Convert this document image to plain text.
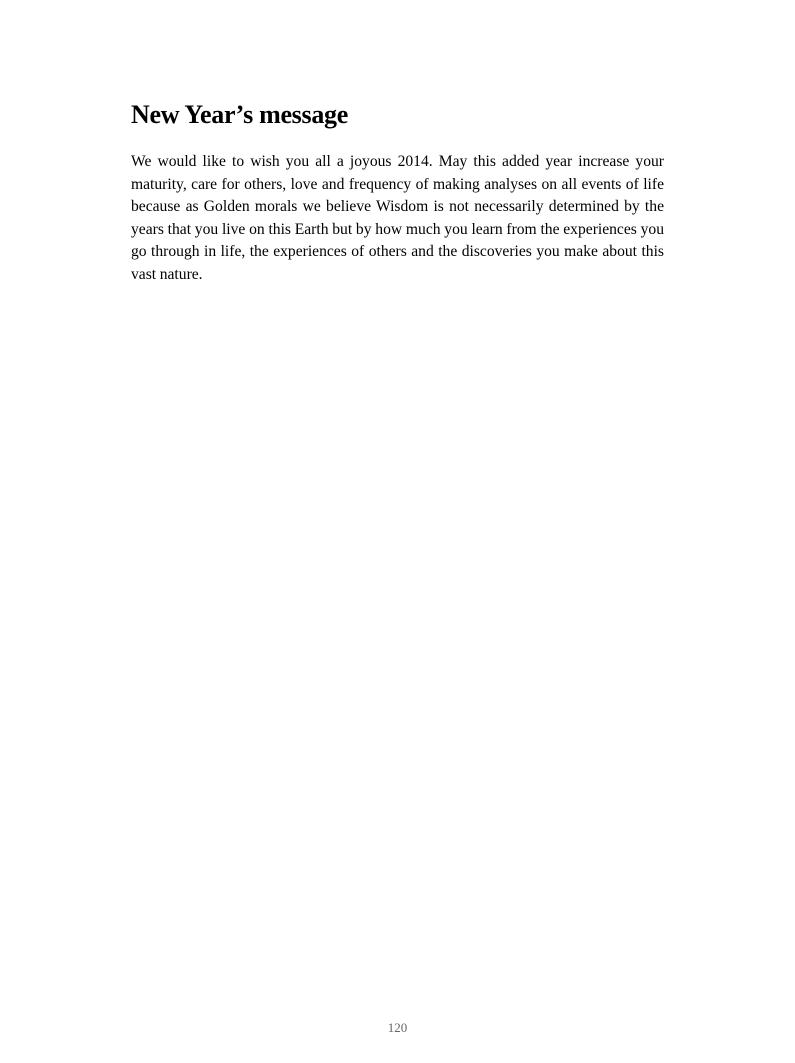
New Year’s message

We would like to wish you all a joyous 2014. May this added year increase your maturity, care for others, love and frequency of making analyses on all events of life because as Golden morals we believe Wisdom is not necessarily determined by the years that you live on this Earth but by how much you learn from the experiences you go through in life, the experiences of others and the discoveries you make about this vast nature.

120
